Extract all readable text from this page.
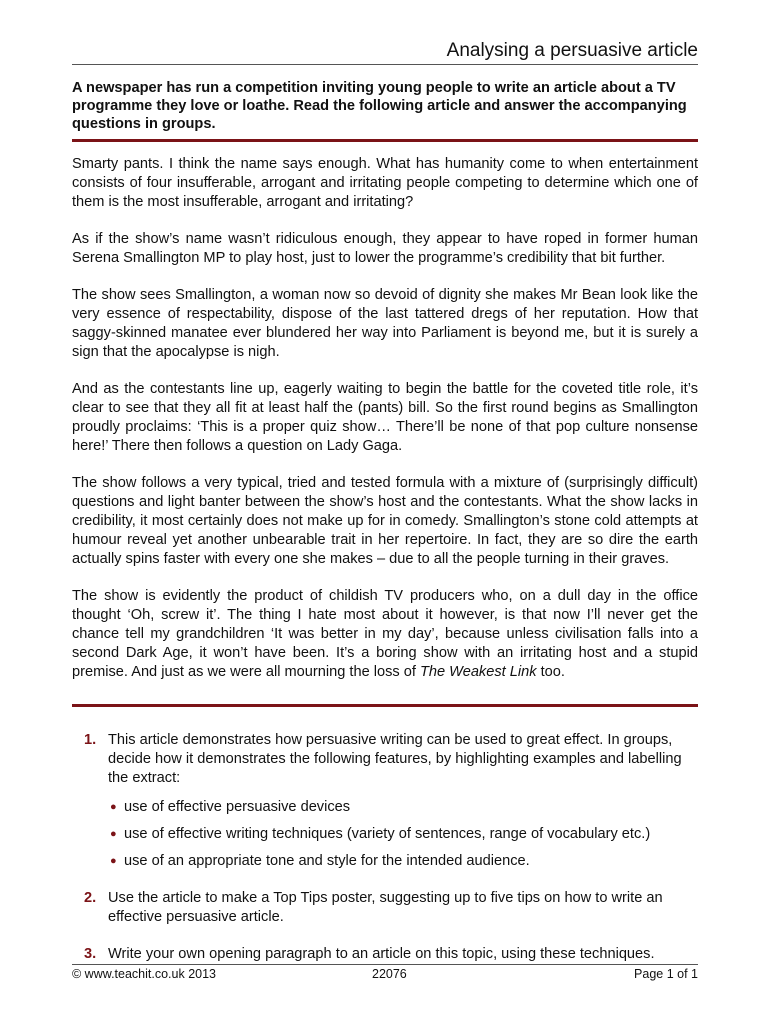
Analysing a persuasive article
A newspaper has run a competition inviting young people to write an article about a TV programme they love or loathe. Read the following article and answer the accompanying questions in groups.

Smarty pants. I think the name says enough. What has humanity come to when entertainment consists of four insufferable, arrogant and irritating people competing to determine which one of them is the most insufferable, arrogant and irritating?

As if the show’s name wasn’t ridiculous enough, they appear to have roped in former human Serena Smallington MP to play host, just to lower the programme’s credibility that bit further.

The show sees Smallington, a woman now so devoid of dignity she makes Mr Bean look like the very essence of respectability, dispose of the last tattered dregs of her reputation. How that saggy-skinned manatee ever blundered her way into Parliament is beyond me, but it is surely a sign that the apocalypse is nigh.

And as the contestants line up, eagerly waiting to begin the battle for the coveted title role, it’s clear to see that they all fit at least half the (pants) bill. So the first round begins as Smallington proudly proclaims: ‘This is a proper quiz show… There’ll be none of that pop culture nonsense here!’ There then follows a question on Lady Gaga.

The show follows a very typical, tried and tested formula with a mixture of (surprisingly difficult) questions and light banter between the show’s host and the contestants. What the show lacks in credibility, it most certainly does not make up for in comedy. Smallington’s stone cold attempts at humour reveal yet another unbearable trait in her repertoire. In fact, they are so dire the earth actually spins faster with every one she makes – due to all the people turning in their graves.

The show is evidently the product of childish TV producers who, on a dull day in the office thought ‘Oh, screw it’. The thing I hate most about it however, is that now I’ll never get the chance tell my grandchildren ‘It was better in my day’, because unless civilisation falls into a second Dark Age, it won’t have been. It’s a boring show with an irritating host and a stupid premise. And just as we were all mourning the loss of The Weakest Link too.

1. This article demonstrates how persuasive writing can be used to great effect. In groups, decide how it demonstrates the following features, by highlighting examples and labelling the extract:
● use of effective persuasive devices
● use of effective writing techniques (variety of sentences, range of vocabulary etc.)
● use of an appropriate tone and style for the intended audience.
2. Use the article to make a Top Tips poster, suggesting up to five tips on how to write an effective persuasive article.
3. Write your own opening paragraph to an article on this topic, using these techniques.
© www.teachit.co.uk 2013	22076	Page 1 of 1
